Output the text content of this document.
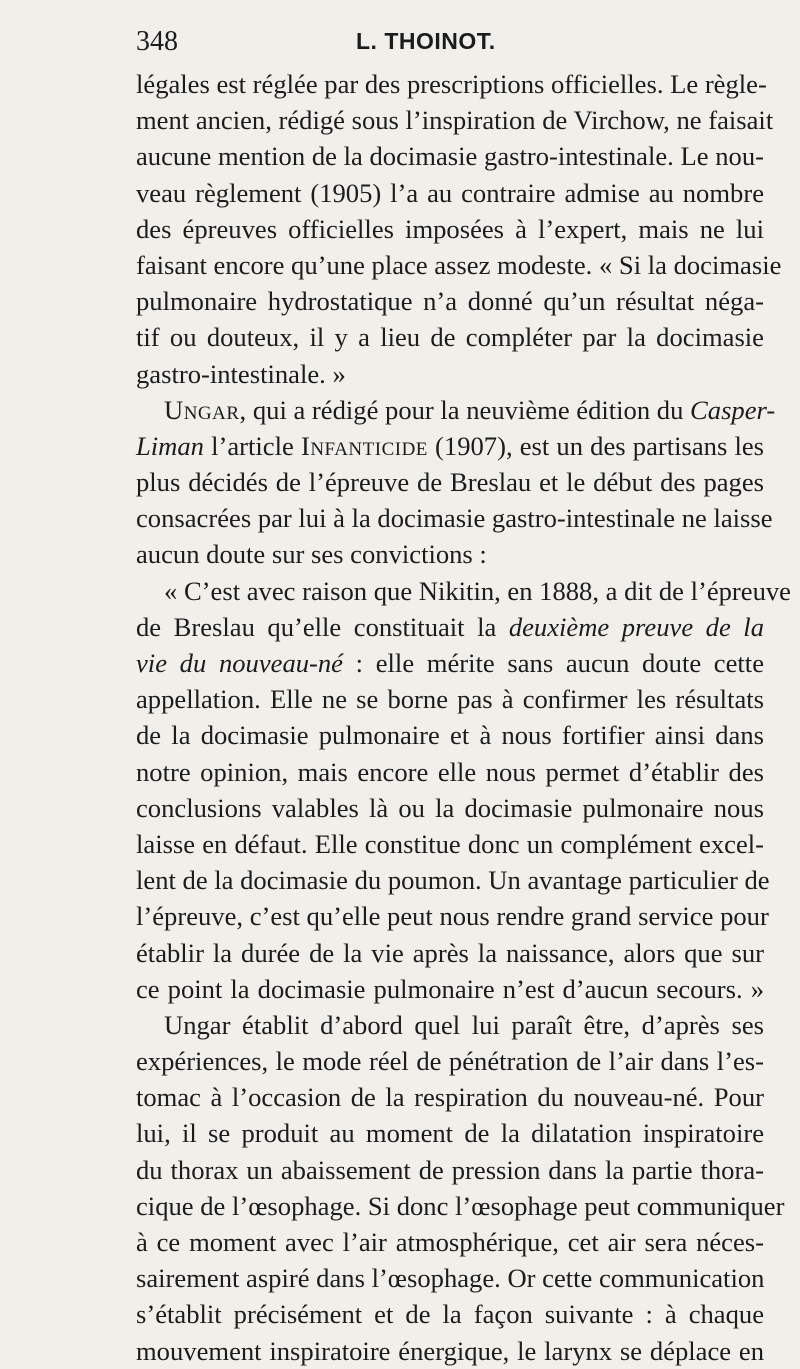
348	L. THOINOT.
légales est réglée par des prescriptions officielles. Le règle-
ment ancien, rédigé sous l’inspiration de Virchow, ne faisait
aucune mention de la docimasie gastro-intestinale. Le nou-
veau règlement (1905) l’a au contraire admise au nombre
des épreuves officielles imposées à l’expert, mais ne lui
faisant encore qu’une place assez modeste. « Si la docimasie
pulmonaire hydrostatique n’a donné qu’un résultat néga-
tif ou douteux, il y a lieu de compléter par la docimasie
gastro-intestinale. »
Ungar, qui a rédigé pour la neuvième édition du Casper-
Liman l’article Infanticide (1907), est un des partisans les
plus décidés de l’épreuve de Breslau et le début des pages
consacrées par lui à la docimasie gastro-intestinale ne laisse
aucun doute sur ses convictions :
« C’est avec raison que Nikitin, en 1888, a dit de l’épreuve
de Breslau qu’elle constituait la deuxième preuve de la
vie du nouveau-né : elle mérite sans aucun doute cette
appellation. Elle ne se borne pas à confirmer les résultats
de la docimasie pulmonaire et à nous fortifier ainsi dans
notre opinion, mais encore elle nous permet d’établir des
conclusions valables là ou la docimasie pulmonaire nous
laisse en défaut. Elle constitue donc un complément excel-
lent de la docimasie du poumon. Un avantage particulier de
l’épreuve, c’est qu’elle peut nous rendre grand service pour
établir la durée de la vie après la naissance, alors que sur
ce point la docimasie pulmonaire n’est d’aucun secours. »
Ungar établit d’abord quel lui paraît être, d’après ses
expériences, le mode réel de pénétration de l’air dans l’es-
tomac à l’occasion de la respiration du nouveau-né. Pour
lui, il se produit au moment de la dilatation inspiratoire
du thorax un abaissement de pression dans la partie thora-
cique de l’œsophage. Si donc l’œsophage peut communiquer
à ce moment avec l’air atmosphérique, cet air sera néces-
sairement aspiré dans l’œsophage. Or cette communication
s’établit précisément et de la façon suivante : à chaque
mouvement inspiratoire énergique, le larynx se déplace en
